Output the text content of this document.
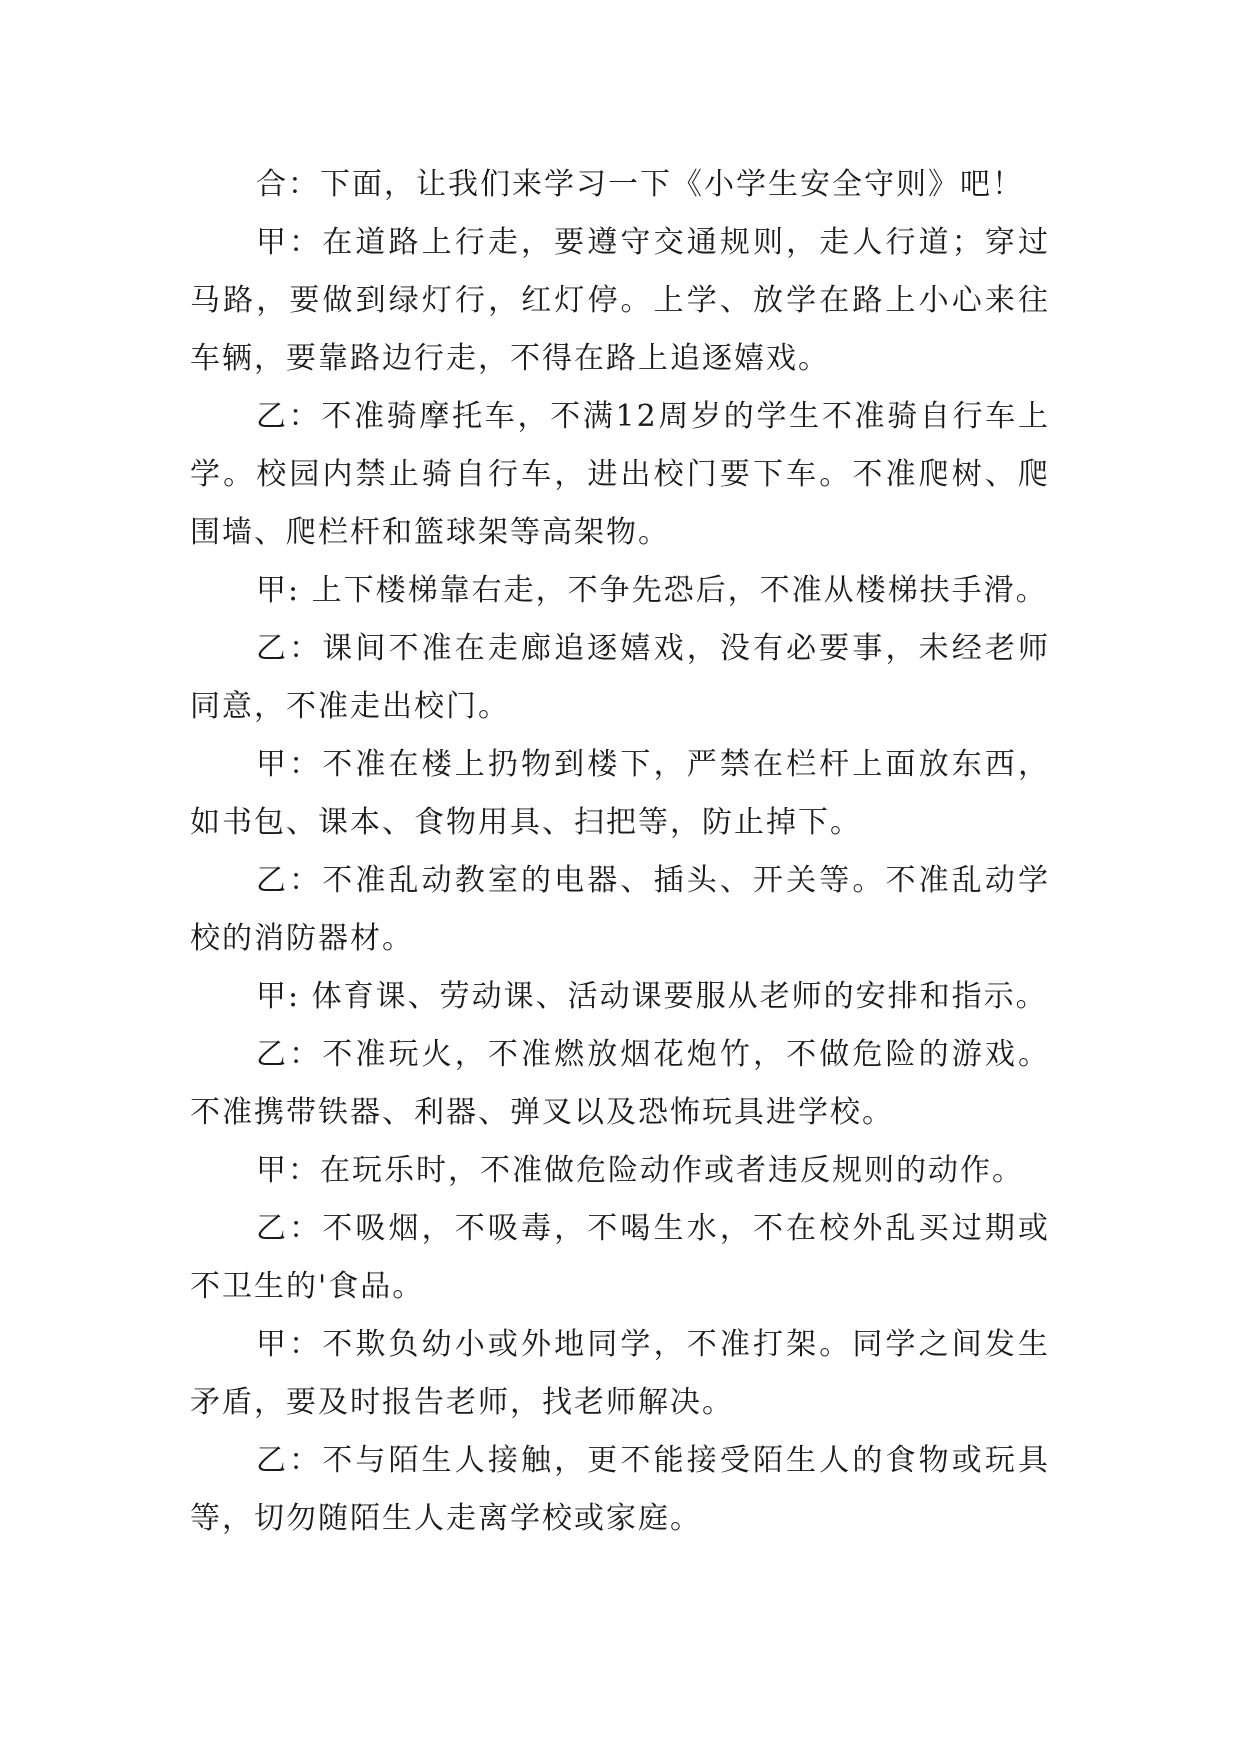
合：下面，让我们来学习一下《小学生安全守则》吧！

甲：在道路上行走，要遵守交通规则，走人行道；穿过马路，要做到绿灯行，红灯停。上学、放学在路上小心来往车辆，要靠路边行走，不得在路上追逐嬉戏。

乙：不准骑摩托车，不满12周岁的学生不准骑自行车上学。校园内禁止骑自行车，进出校门要下车。不准爬树、爬围墙、爬栏杆和篮球架等高架物。

甲: 上下楼梯靠右走，不争先恐后，不准从楼梯扶手滑。

乙：课间不准在走廊追逐嬉戏，没有必要事，未经老师同意，不准走出校门。

甲：不准在楼上扔物到楼下，严禁在栏杆上面放东西，如书包、课本、食物用具、扫把等，防止掉下。

乙：不准乱动教室的电器、插头、开关等。不准乱动学校的消防器材。

甲: 体育课、劳动课、活动课要服从老师的安排和指示。

乙：不准玩火，不准燃放烟花炮竹，不做危险的游戏。不准携带铁器、利器、弹叉以及恐怖玩具进学校。

甲：在玩乐时，不准做危险动作或者违反规则的动作。

乙：不吸烟，不吸毒，不喝生水，不在校外乱买过期或不卫生的'食品。

甲：不欺负幼小或外地同学，不准打架。同学之间发生矛盾，要及时报告老师，找老师解决。

乙：不与陌生人接触，更不能接受陌生人的食物或玩具等，切勿随陌生人走离学校或家庭。
